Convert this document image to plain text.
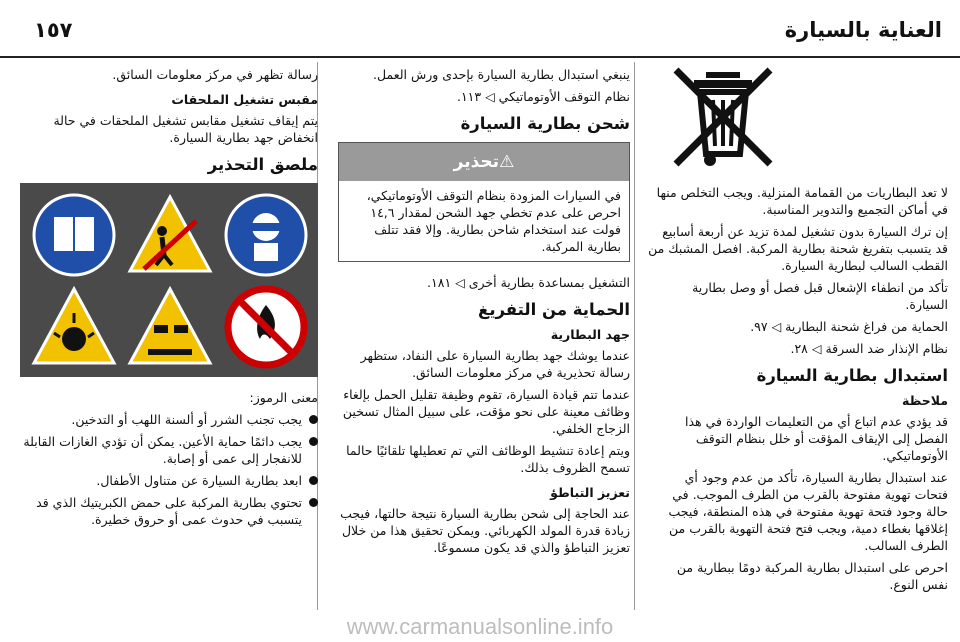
العناية بالسيارة
١٥٧

لا تعد البطاريات من القمامة المنزلية. ويجب التخلص منها في أماكن التجميع والتدوير المناسبة.

إن ترك السيارة بدون تشغيل لمدة تزيد عن أربعة أسابيع قد يتسبب بتفريغ شحنة بطارية المركبة. افصل المشبك من القطب السالب لبطارية السيارة.

تأكد من انطفاء الإشعال قبل فصل أو وصل بطارية السيارة.

الحماية من فراغ شحنة البطارية ◁ ٩٧.

نظام الإنذار ضد السرقة ◁ ٢٨.

استبدال بطارية السيارة
ملاحظة

قد يؤدي عدم اتباع أي من التعليمات الواردة في هذا الفصل إلى الإيقاف المؤقت أو خلل بنظام التوقف الأوتوماتيكي.

عند استبدال بطارية السيارة، تأكد من عدم وجود أي فتحات تهوية مفتوحة بالقرب من الطرف الموجب. في حالة وجود فتحة تهوية مفتوحة في هذه المنطقة، فيجب إغلاقها بغطاء دمية، ويجب فتح فتحة التهوية بالقرب من الطرف السالب.

احرص على استبدال بطارية المركبة دومًا ببطارية من نفس النوع.

ينبغي استبدال بطارية السيارة بإحدى ورش العمل.

نظام التوقف الأوتوماتيكي ◁ ١١٣.

شحن بطارية السيارة
⚠تحذير

في السيارات المزودة بنظام التوقف الأوتوماتيكي، احرص على عدم تخطي جهد الشحن لمقدار ١٤,٦ فولت عند استخدام شاحن بطارية. وإلا فقد تتلف بطارية المركبة.

التشغيل بمساعدة بطارية أخرى ◁ ١٨١.

الحماية من التفريغ
جهد البطارية

عندما يوشك جهد بطارية السيارة على النفاد، ستظهر رسالة تحذيرية في مركز معلومات السائق.

عندما تتم قيادة السيارة، تقوم وظيفة تقليل الحمل بإلغاء وظائف معينة على نحو مؤقت، على سبيل المثال تسخين الزجاج الخلفي.

ويتم إعادة تنشيط الوظائف التي تم تعطيلها تلقائيًا حالما تسمح الظروف بذلك.

تعزيز التباطؤ

عند الحاجة إلى شحن بطارية السيارة نتيجة حالتها، فيجب زيادة قدرة المولد الكهربائي. ويمكن تحقيق هذا من خلال تعزيز التباطؤ والذي قد يكون مسموعًا.

رسالة تظهر في مركز معلومات السائق.

مقبس تشغيل الملحقات

يتم إيقاف تشغيل مقابس تشغيل الملحقات في حالة انخفاض جهد بطارية السيارة.

ملصق التحذير

معنى الرموز:

يجب تجنب الشرر أو ألسنة اللهب أو التدخين.
يجب دائمًا حماية الأعين. يمكن أن تؤدي الغازات القابلة للانفجار إلى عمى أو إصابة.
ابعد بطارية السيارة عن متناول الأطفال.
تحتوي بطارية المركبة على حمض الكبريتيك الذي قد يتسبب في حدوث عمى أو حروق خطيرة.
www.carmanualsonline.info
